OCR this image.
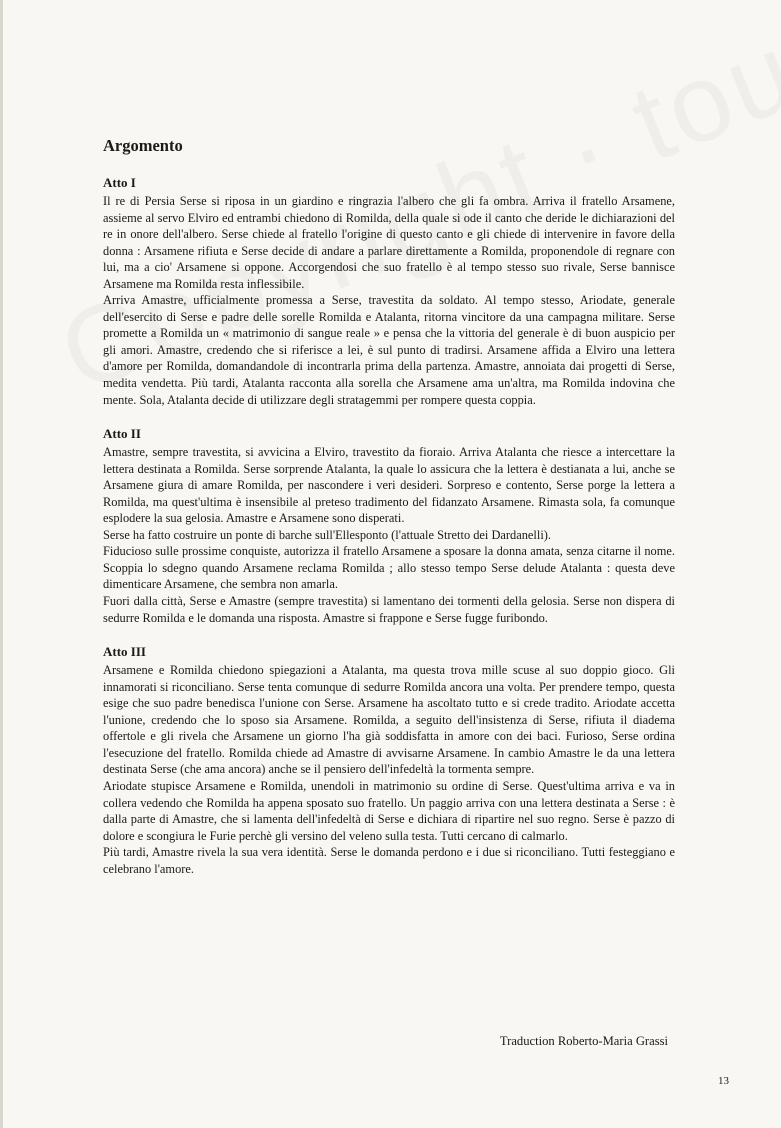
Argomento
Atto I

Il re di Persia Serse si riposa in un giardino e ringrazia l'albero che gli fa ombra. Arriva il fratello Arsamene, assieme al servo Elviro ed entrambi chiedono di Romilda, della quale si ode il canto che deride le dichiarazioni del re in onore dell'albero. Serse chiede al fratello l'origine di questo canto e gli chiede di intervenire in favore della donna : Arsamene rifiuta e Serse decide di andare a parlare direttamente a Romilda, proponendole di regnare con lui, ma a cio' Arsamene si oppone. Accorgendosi che suo fratello è al tempo stesso suo rivale, Serse bannisce Arsamene ma Romilda resta inflessibile.

Arriva Amastre, ufficialmente promessa a Serse, travestita da soldato. Al tempo stesso, Ariodate, generale dell'esercito di Serse e padre delle sorelle Romilda e Atalanta, ritorna vincitore da una campagna militare. Serse promette a Romilda un « matrimonio di sangue reale » e pensa che la vittoria del generale è di buon auspicio per gli amori. Amastre, credendo che si riferisce a lei, è sul punto di tradirsi. Arsamene affida a Elviro una lettera d'amore per Romilda, domandandole di incontrarla prima della partenza. Amastre, annoiata dai progetti di Serse, medita vendetta. Più tardi, Atalanta racconta alla sorella che Arsamene ama un'altra, ma Romilda indovina che mente. Sola, Atalanta decide di utilizzare degli stratagemmi per rompere questa coppia.

Atto II

Amastre, sempre travestita, si avvicina a Elviro, travestito da fioraio. Arriva Atalanta che riesce a intercettare la lettera destinata a Romilda. Serse sorprende Atalanta, la quale lo assicura che la lettera è destianata a lui, anche se Arsamene giura di amare Romilda, per nascondere i veri desideri. Sorpreso e contento, Serse porge la lettera a Romilda, ma quest'ultima è insensibile al preteso tradimento del fidanzato Arsamene. Rimasta sola, fa comunque esplodere la sua gelosia. Amastre e Arsamene sono disperati.

Serse ha fatto costruire un ponte di barche sull'Ellesponto (l'attuale Stretto dei Dardanelli).

Fiducioso sulle prossime conquiste, autorizza il fratello Arsamene a sposare la donna amata, senza citarne il nome. Scoppia lo sdegno quando Arsamene reclama Romilda ; allo stesso tempo Serse delude Atalanta : questa deve dimenticare Arsamene, che sembra non amarla.

Fuori dalla città, Serse e Amastre (sempre travestita) si lamentano dei tormenti della gelosia. Serse non dispera di sedurre Romilda e le domanda una risposta. Amastre si frappone e Serse fugge furibondo.

Atto III

Arsamene e Romilda chiedono spiegazioni a Atalanta, ma questa trova mille scuse al suo doppio gioco. Gli innamorati si riconciliano. Serse tenta comunque di sedurre Romilda ancora una volta. Per prendere tempo, questa esige che suo padre benedisca l'unione con Serse. Arsamene ha ascoltato tutto e si crede tradito. Ariodate accetta l'unione, credendo che lo sposo sia Arsamene. Romilda, a seguito dell'insistenza di Serse, rifiuta il diadema offertole e gli rivela che Arsamene un giorno l'ha già soddisfatta in amore con dei baci. Furioso, Serse ordina l'esecuzione del fratello. Romilda chiede ad Amastre di avvisarne Arsamene. In cambio Amastre le da una lettera destinata Serse (che ama ancora) anche se il pensiero dell'infedeltà la tormenta sempre.

Ariodate stupisce Arsamene e Romilda, unendoli in matrimonio su ordine di Serse. Quest'ultima arriva e va in collera vedendo che Romilda ha appena sposato suo fratello. Un paggio arriva con una lettera destinata a Serse : è dalla parte di Amastre, che si lamenta dell'infedeltà di Serse e dichiara di ripartire nel suo regno. Serse è pazzo di dolore e scongiura le Furie perchè gli versino del veleno sulla testa. Tutti cercano di calmarlo.

Più tardi, Amastre rivela la sua vera identità. Serse le domanda perdono e i due si riconciliano. Tutti festeggiano e celebrano l'amore.

Traduction Roberto-Maria Grassi
13
